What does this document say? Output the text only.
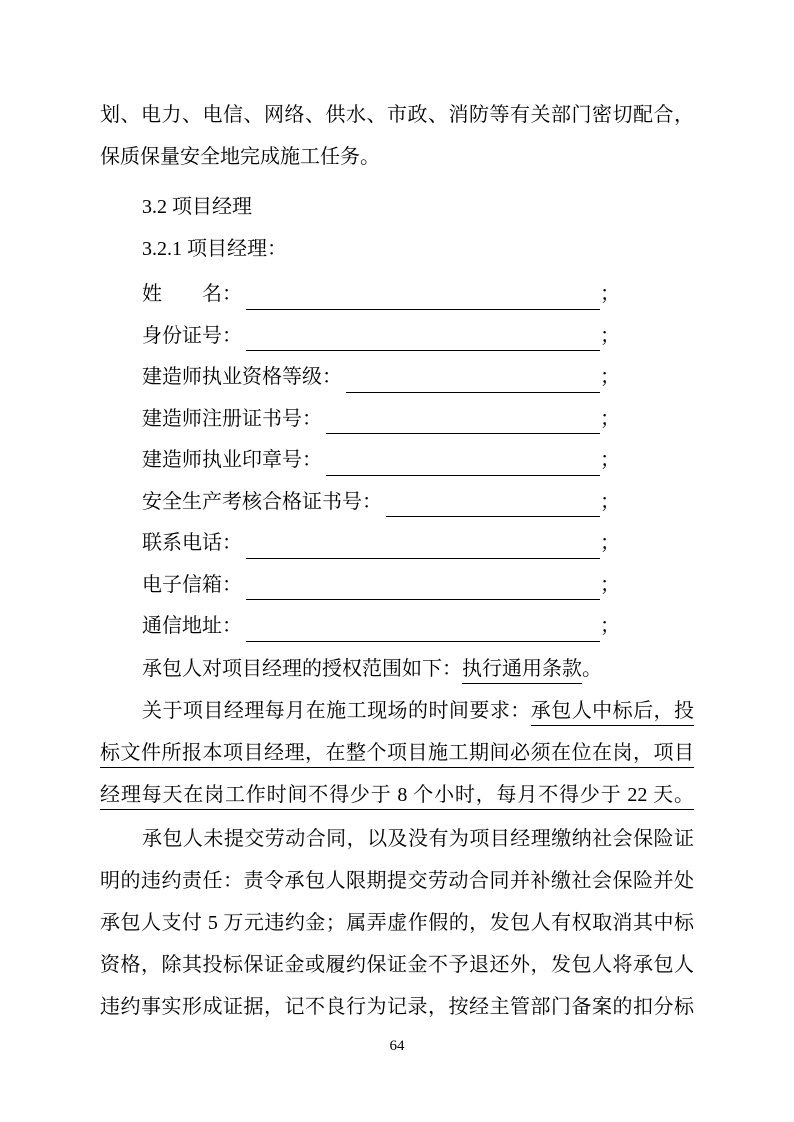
划、电力、电信、网络、供水、市政、消防等有关部门密切配合，
保质保量安全地完成施工任务。
3.2 项目经理
3.2.1 项目经理：
姓　　名：	；
身份证号：	；
建造师执业资格等级：	；
建造师注册证书号：	；
建造师执业印章号：	；
安全生产考核合格证书号：	；
联系电话：	；
电子信箱：	；
通信地址：	；
承包人对项目经理的授权范围如下：执行通用条款。
关于项目经理每月在施工现场的时间要求：承包人中标后，投
标文件所报本项目经理，在整个项目施工期间必须在位在岗，项目
经理每天在岗工作时间不得少于 8 个小时，每月不得少于 22 天。
承包人未提交劳动合同，以及没有为项目经理缴纳社会保险证
明的违约责任：责令承包人限期提交劳动合同并补缴社会保险并处
承包人支付 5 万元违约金；属弄虚作假的，发包人有权取消其中标
资格，除其投标保证金或履约保证金不予退还外，发包人将承包人
违约事实形成证据，记不良行为记录，按经主管部门备案的扣分标
64
